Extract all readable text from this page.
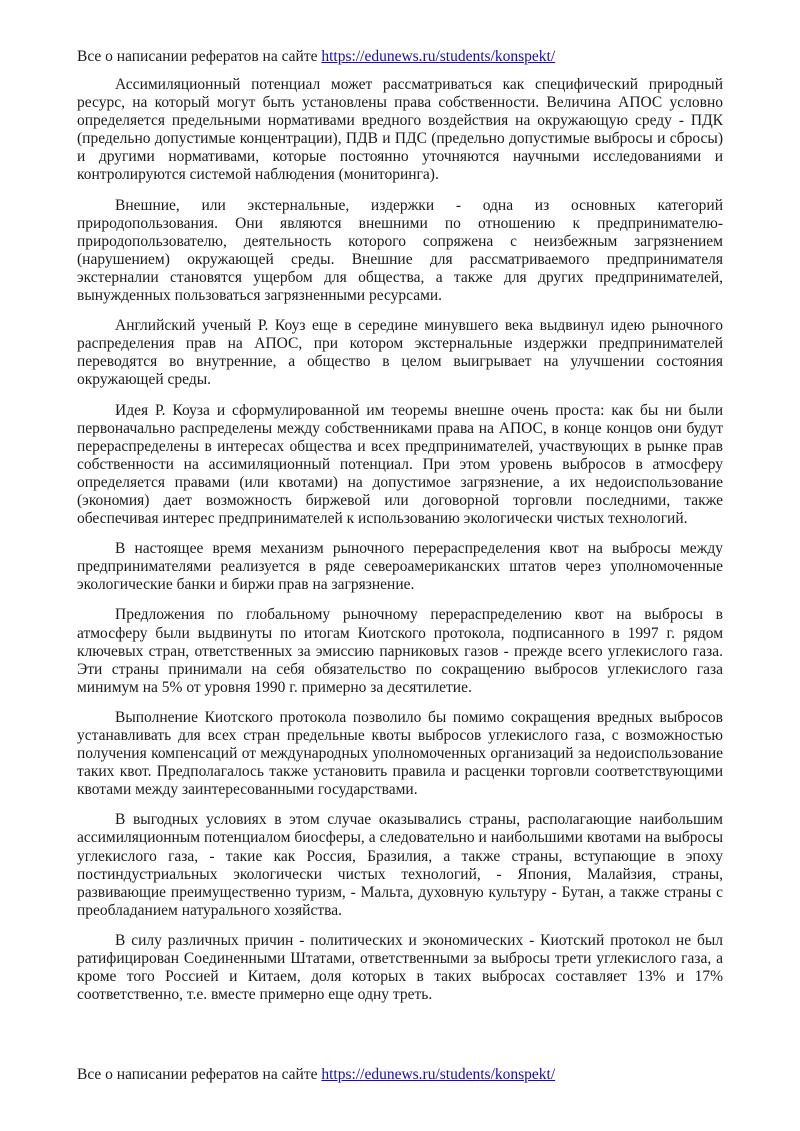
Все о написании рефератов на сайте https://edunews.ru/students/konspekt/

Ассимиляционный потенциал может рассматриваться как специфический природный ресурс, на который могут быть установлены права собственности. Величина АПОС условно определяется предельными нормативами вредного воздействия на окружающую среду - ПДК (предельно допустимые концентрации), ПДВ и ПДС (предельно допустимые выбросы и сбросы) и другими нормативами, которые постоянно уточняются научными исследованиями и контролируются системой наблюдения (мониторинга).

Внешние, или экстернальные, издержки - одна из основных категорий природопользования. Они являются внешними по отношению к предпринимателю-природопользователю, деятельность которого сопряжена с неизбежным загрязнением (нарушением) окружающей среды. Внешние для рассматриваемого предпринимателя экстерналии становятся ущербом для общества, а также для других предпринимателей, вынужденных пользоваться загрязненными ресурсами.

Английский ученый Р. Коуз еще в середине минувшего века выдвинул идею рыночного распределения прав на АПОС, при котором экстернальные издержки предпринимателей переводятся во внутренние, а общество в целом выигрывает на улучшении состояния окружающей среды.

Идея Р. Коуза и сформулированной им теоремы внешне очень проста: как бы ни были первоначально распределены между собственниками права на АПОС, в конце концов они будут перераспределены в интересах общества и всех предпринимателей, участвующих в рынке прав собственности на ассимиляционный потенциал. При этом уровень выбросов в атмосферу определяется правами (или квотами) на допустимое загрязнение, а их недоиспользование (экономия) дает возможность биржевой или договорной торговли последними, также обеспечивая интерес предпринимателей к использованию экологически чистых технологий.

В настоящее время механизм рыночного перераспределения квот на выбросы между предпринимателями реализуется в ряде североамериканских штатов через уполномоченные экологические банки и биржи прав на загрязнение.

Предложения по глобальному рыночному перераспределению квот на выбросы в атмосферу были выдвинуты по итогам Киотского протокола, подписанного в 1997 г. рядом ключевых стран, ответственных за эмиссию парниковых газов - прежде всего углекислого газа. Эти страны принимали на себя обязательство по сокращению выбросов углекислого газа минимум на 5% от уровня 1990 г. примерно за десятилетие.

Выполнение Киотского протокола позволило бы помимо сокращения вредных выбросов устанавливать для всех стран предельные квоты выбросов углекислого газа, с возможностью получения компенсаций от международных уполномоченных организаций за недоиспользование таких квот. Предполагалось также установить правила и расценки торговли соответствующими квотами между заинтересованными государствами.

В выгодных условиях в этом случае оказывались страны, располагающие наибольшим ассимиляционным потенциалом биосферы, а следовательно и наибольшими квотами на выбросы углекислого газа, - такие как Россия, Бразилия, а также страны, вступающие в эпоху постиндустриальных экологически чистых технологий, - Япония, Малайзия, страны, развивающие преимущественно туризм, - Мальта, духовную культуру - Бутан, а также страны с преобладанием натурального хозяйства.

В силу различных причин - политических и экономических - Киотский протокол не был ратифицирован Соединенными Штатами, ответственными за выбросы трети углекислого газа, а кроме того Россией и Китаем, доля которых в таких выбросах составляет 13% и 17% соответственно, т.е. вместе примерно еще одну треть.

Все о написании рефератов на сайте https://edunews.ru/students/konspekt/
